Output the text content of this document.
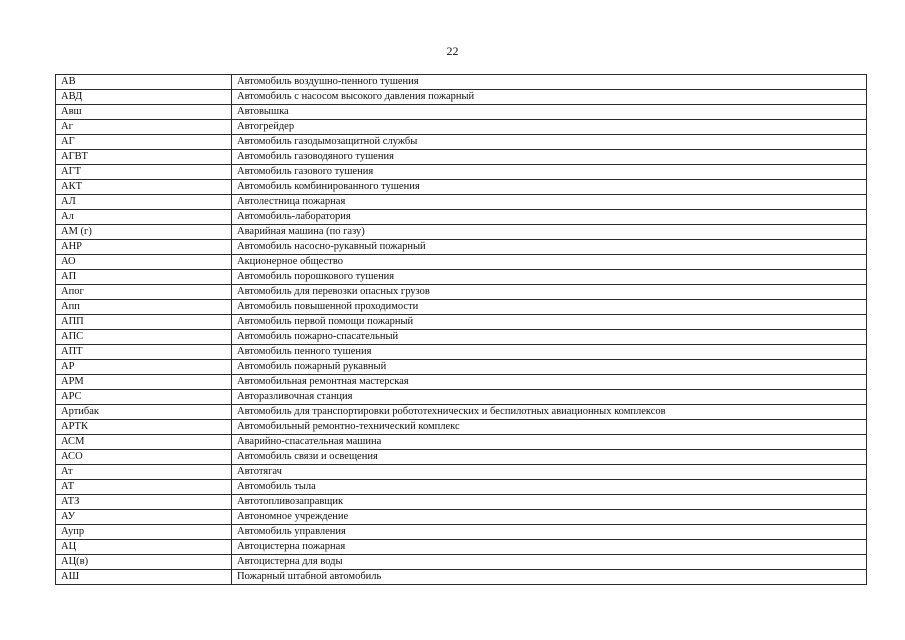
22
АВ	Автомобиль воздушно-пенного тушения
АВД	Автомобиль с насосом высокого давления пожарный
Авш	Автовышка
Аг	Автогрейдер
АГ	Автомобиль газодымозащитной службы
АГВТ	Автомобиль газоводяного тушения
АГТ	Автомобиль газового тушения
АКТ	Автомобиль комбинированного тушения
АЛ	Автолестница пожарная
Ал	Автомобиль-лаборатория
АМ (г)	Аварийная машина (по газу)
АНР	Автомобиль насосно-рукавный пожарный
АО	Акционерное общество
АП	Автомобиль порошкового тушения
Апог	Автомобиль для перевозки опасных грузов
Апп	Автомобиль повышенной проходимости
АПП	Автомобиль первой помощи пожарный
АПС	Автомобиль пожарно-спасательный
АПТ	Автомобиль пенного тушения
АР	Автомобиль пожарный рукавный
АРМ	Автомобильная ремонтная мастерская
АРС	Авторазливочная станция
Артибак	Автомобиль для транспортировки робототехнических и беспилотных авиационных комплексов
АРТК	Автомобильный ремонтно-технический комплекс
АСМ	Аварийно-спасательная машина
АСО	Автомобиль связи и освещения
Ат	Автотягач
АТ	Автомобиль тыла
АТЗ	Автотопливозаправщик
АУ	Автономное учреждение
Аупр	Автомобиль управления
АЦ	Автоцистерна пожарная
АЦ(в)	Автоцистерна для воды
АШ	Пожарный штабной автомобиль
